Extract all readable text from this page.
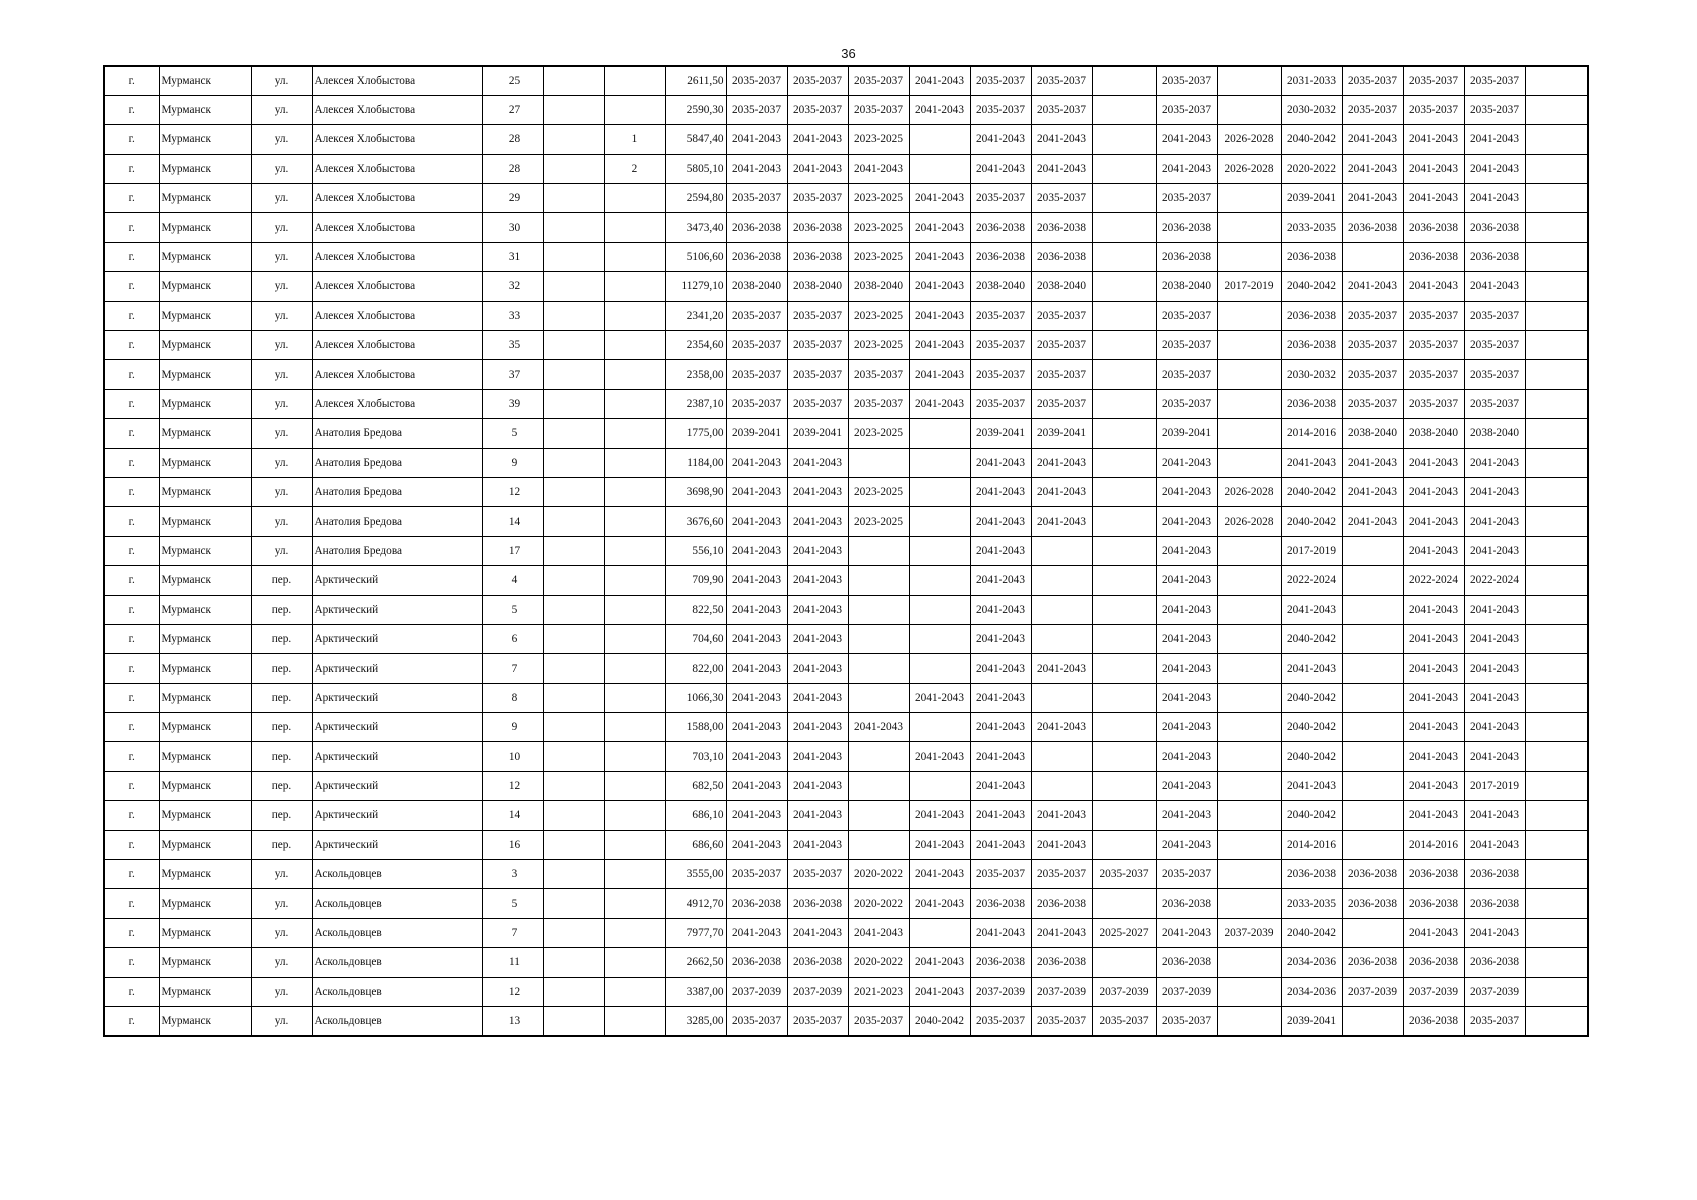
36
г.	Мурманск	ул.	Алексея Хлобыстова	25			2611,50	2035-2037	2035-2037	2035-2037	2041-2043	2035-2037	2035-2037		2035-2037		2031-2033	2035-2037	2035-2037	2035-2037	
г.	Мурманск	ул.	Алексея Хлобыстова	27			2590,30	2035-2037	2035-2037	2035-2037	2041-2043	2035-2037	2035-2037		2035-2037		2030-2032	2035-2037	2035-2037	2035-2037	
г.	Мурманск	ул.	Алексея Хлобыстова	28		1	5847,40	2041-2043	2041-2043	2023-2025		2041-2043	2041-2043		2041-2043	2026-2028	2040-2042	2041-2043	2041-2043	2041-2043	
г.	Мурманск	ул.	Алексея Хлобыстова	28		2	5805,10	2041-2043	2041-2043	2041-2043		2041-2043	2041-2043		2041-2043	2026-2028	2020-2022	2041-2043	2041-2043	2041-2043	
г.	Мурманск	ул.	Алексея Хлобыстова	29			2594,80	2035-2037	2035-2037	2023-2025	2041-2043	2035-2037	2035-2037		2035-2037		2039-2041	2041-2043	2041-2043	2041-2043	
г.	Мурманск	ул.	Алексея Хлобыстова	30			3473,40	2036-2038	2036-2038	2023-2025	2041-2043	2036-2038	2036-2038		2036-2038		2033-2035	2036-2038	2036-2038	2036-2038	
г.	Мурманск	ул.	Алексея Хлобыстова	31			5106,60	2036-2038	2036-2038	2023-2025	2041-2043	2036-2038	2036-2038		2036-2038		2036-2038		2036-2038	2036-2038	
г.	Мурманск	ул.	Алексея Хлобыстова	32			11279,10	2038-2040	2038-2040	2038-2040	2041-2043	2038-2040	2038-2040		2038-2040	2017-2019	2040-2042	2041-2043	2041-2043	2041-2043	
г.	Мурманск	ул.	Алексея Хлобыстова	33			2341,20	2035-2037	2035-2037	2023-2025	2041-2043	2035-2037	2035-2037		2035-2037		2036-2038	2035-2037	2035-2037	2035-2037	
г.	Мурманск	ул.	Алексея Хлобыстова	35			2354,60	2035-2037	2035-2037	2023-2025	2041-2043	2035-2037	2035-2037		2035-2037		2036-2038	2035-2037	2035-2037	2035-2037	
г.	Мурманск	ул.	Алексея Хлобыстова	37			2358,00	2035-2037	2035-2037	2035-2037	2041-2043	2035-2037	2035-2037		2035-2037		2030-2032	2035-2037	2035-2037	2035-2037	
г.	Мурманск	ул.	Алексея Хлобыстова	39			2387,10	2035-2037	2035-2037	2035-2037	2041-2043	2035-2037	2035-2037		2035-2037		2036-2038	2035-2037	2035-2037	2035-2037	
г.	Мурманск	ул.	Анатолия Бредова	5			1775,00	2039-2041	2039-2041	2023-2025		2039-2041	2039-2041		2039-2041		2014-2016	2038-2040	2038-2040	2038-2040	
г.	Мурманск	ул.	Анатолия Бредова	9			1184,00	2041-2043	2041-2043			2041-2043	2041-2043		2041-2043		2041-2043	2041-2043	2041-2043	2041-2043	
г.	Мурманск	ул.	Анатолия Бредова	12			3698,90	2041-2043	2041-2043	2023-2025		2041-2043	2041-2043		2041-2043	2026-2028	2040-2042	2041-2043	2041-2043	2041-2043	
г.	Мурманск	ул.	Анатолия Бредова	14			3676,60	2041-2043	2041-2043	2023-2025		2041-2043	2041-2043		2041-2043	2026-2028	2040-2042	2041-2043	2041-2043	2041-2043	
г.	Мурманск	ул.	Анатолия Бредова	17			556,10	2041-2043	2041-2043			2041-2043			2041-2043		2017-2019		2041-2043	2041-2043	
г.	Мурманск	пер.	Арктический	4			709,90	2041-2043	2041-2043			2041-2043			2041-2043		2022-2024		2022-2024	2022-2024	
г.	Мурманск	пер.	Арктический	5			822,50	2041-2043	2041-2043			2041-2043			2041-2043		2041-2043		2041-2043	2041-2043	
г.	Мурманск	пер.	Арктический	6			704,60	2041-2043	2041-2043			2041-2043			2041-2043		2040-2042		2041-2043	2041-2043	
г.	Мурманск	пер.	Арктический	7			822,00	2041-2043	2041-2043			2041-2043	2041-2043		2041-2043		2041-2043		2041-2043	2041-2043	
г.	Мурманск	пер.	Арктический	8			1066,30	2041-2043	2041-2043		2041-2043	2041-2043			2041-2043		2040-2042		2041-2043	2041-2043	
г.	Мурманск	пер.	Арктический	9			1588,00	2041-2043	2041-2043	2041-2043		2041-2043	2041-2043		2041-2043		2040-2042		2041-2043	2041-2043	
г.	Мурманск	пер.	Арктический	10			703,10	2041-2043	2041-2043		2041-2043	2041-2043			2041-2043		2040-2042		2041-2043	2041-2043	
г.	Мурманск	пер.	Арктический	12			682,50	2041-2043	2041-2043			2041-2043			2041-2043		2041-2043		2041-2043	2017-2019	
г.	Мурманск	пер.	Арктический	14			686,10	2041-2043	2041-2043		2041-2043	2041-2043	2041-2043		2041-2043		2040-2042		2041-2043	2041-2043	
г.	Мурманск	пер.	Арктический	16			686,60	2041-2043	2041-2043		2041-2043	2041-2043	2041-2043		2041-2043		2014-2016		2014-2016	2041-2043	
г.	Мурманск	ул.	Аскольдовцев	3			3555,00	2035-2037	2035-2037	2020-2022	2041-2043	2035-2037	2035-2037	2035-2037	2035-2037		2036-2038	2036-2038	2036-2038	2036-2038	
г.	Мурманск	ул.	Аскольдовцев	5			4912,70	2036-2038	2036-2038	2020-2022	2041-2043	2036-2038	2036-2038		2036-2038		2033-2035	2036-2038	2036-2038	2036-2038	
г.	Мурманск	ул.	Аскольдовцев	7			7977,70	2041-2043	2041-2043	2041-2043		2041-2043	2041-2043	2025-2027	2041-2043	2037-2039	2040-2042		2041-2043	2041-2043	
г.	Мурманск	ул.	Аскольдовцев	11			2662,50	2036-2038	2036-2038	2020-2022	2041-2043	2036-2038	2036-2038		2036-2038		2034-2036	2036-2038	2036-2038	2036-2038	
г.	Мурманск	ул.	Аскольдовцев	12			3387,00	2037-2039	2037-2039	2021-2023	2041-2043	2037-2039	2037-2039	2037-2039	2037-2039		2034-2036	2037-2039	2037-2039	2037-2039	
г.	Мурманск	ул.	Аскольдовцев	13			3285,00	2035-2037	2035-2037	2035-2037	2040-2042	2035-2037	2035-2037	2035-2037	2035-2037		2039-2041		2036-2038	2035-2037	
